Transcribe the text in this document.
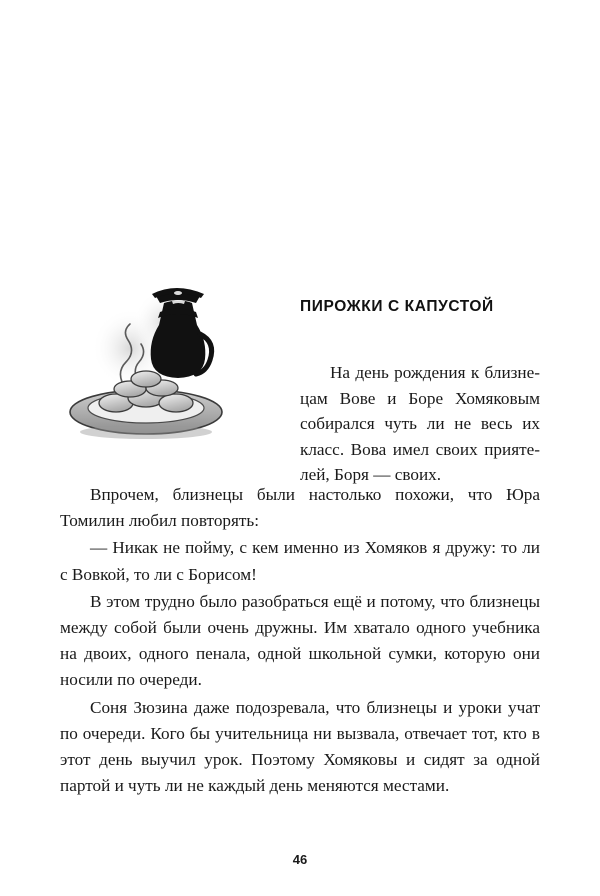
ПИРОЖКИ С КАПУСТОЙ
На день рождения к близнецам Вове и Боре Хомяковым собирался чуть ли не весь их класс. Вова имел своих приятелей, Боря — своих.

Впрочем, близнецы были настолько похожи, что Юра Томилин любил повторять:

— Никак не пойму, с кем именно из Хомяков я дружу: то ли с Вовкой, то ли с Борисом!

В этом трудно было разобраться ещё и потому, что близнецы между собой были очень дружны. Им хватало одного учебника на двоих, одного пенала, одной школьной сумки, которую они носили по очереди.

Соня Зюзина даже подозревала, что близнецы и уроки учат по очереди. Кого бы учительница ни вызвала, отвечает тот, кто в этот день выучил урок. Поэтому Хомяковы и сидят за одной партой и чуть ли не каждый день меняются местами.

46
